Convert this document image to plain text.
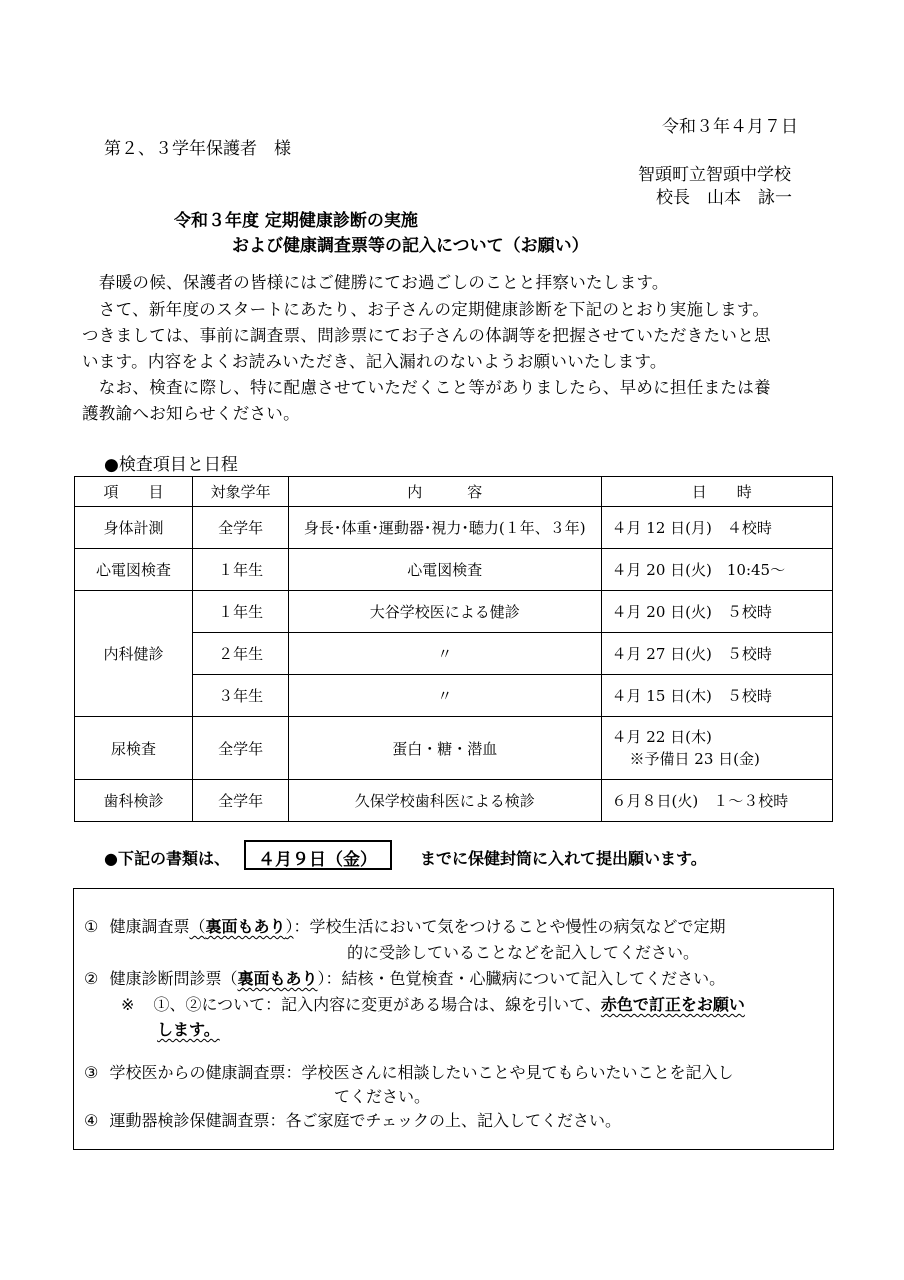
令和３年４月７日
第２、３学年保護者　様
智頭町立智頭中学校
校長　山本　詠一
令和３年度 定期健康診断の実施
および健康調査票等の記入について（お願い）
　春暖の候、保護者の皆様にはご健勝にてお過ごしのことと拝察いたします。
　さて、新年度のスタートにあたり、お子さんの定期健康診断を下記のとおり実施します。
つきましては、事前に調査票、問診票にてお子さんの体調等を把握させていただきたいと思
います。内容をよくお読みいただき、記入漏れのないようお願いいたします。
　なお、検査に際し、特に配慮させていただくこと等がありましたら、早めに担任または養
護教諭へお知らせください。
●検査項目と日程
項　　目	対象学年	内　　　容	日　　時
身体計測	全学年	身長･体重･運動器･視力･聴力(１年、３年)	４月 12 日(月)　４校時
心電図検査	１年生	心電図検査	４月 20 日(火)　10:45～
内科健診	１年生	大谷学校医による健診	４月 20 日(火)　５校時
	２年生	〃	４月 27 日(火)　５校時
	３年生	〃	４月 15 日(木)　５校時
尿検査	全学年	蛋白・糖・潜血	４月 22 日(木)
※予備日 23 日(金)

歯科検診	全学年	久保学校歯科医による検診	６月８日(火)　１～３校時
●下記の書類は、 ４月９日（金）	までに保健封筒に入れて提出願います。
① 健康調査票（裏面もあり）：学校生活において気をつけることや慢性の病気などで定期
的に受診していることなどを記入してください。
② 健康診断問診票（裏面もあり）：結核・色覚検査・心臓病について記入してください。
※ ①、②について：記入内容に変更がある場合は、線を引いて、赤色で訂正をお願い
します。
③ 学校医からの健康調査票：学校医さんに相談したいことや見てもらいたいことを記入し
てください。
④ 運動器検診保健調査票：各ご家庭でチェックの上、記入してください。
